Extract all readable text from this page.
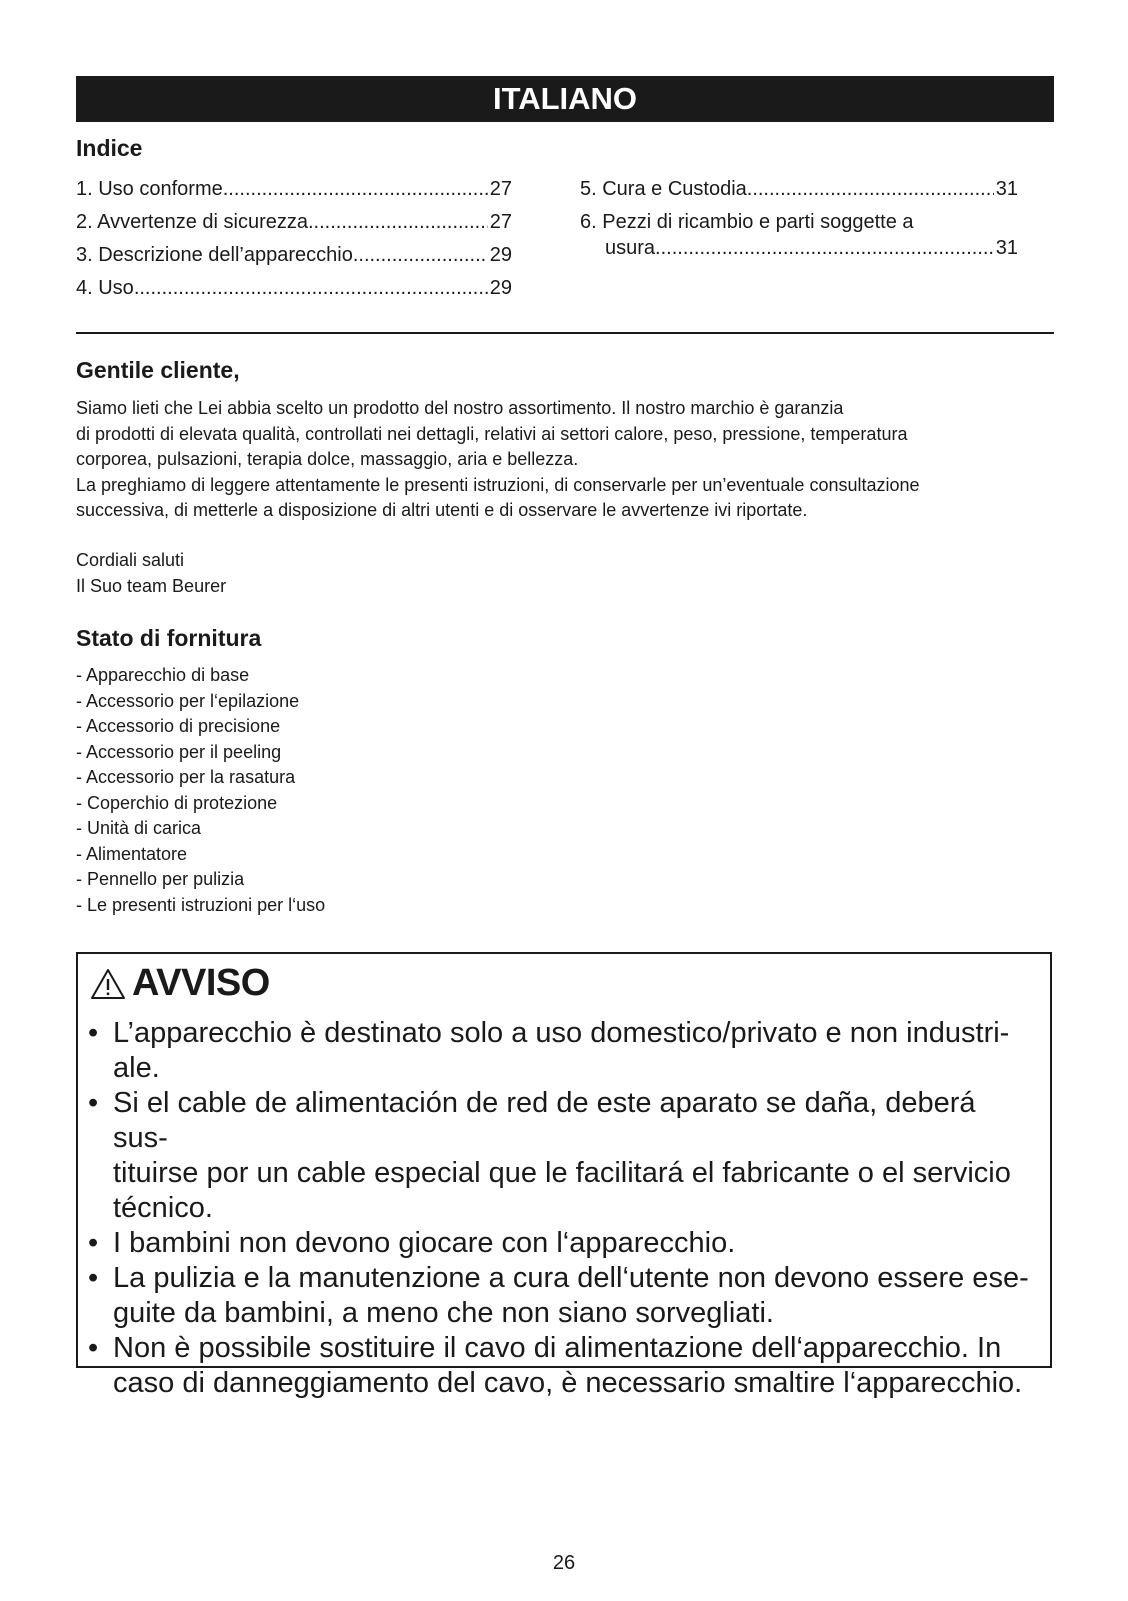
ITALIANO
Indice
1. Uso conforme .....	27
2. Avvertenze di sicurezza .....	27
3. Descrizione dell’apparecchio .....	29
4. Uso .....	29
5. Cura e Custodia .....	31
6. Pezzi di ricambio e parti soggette a
usura .....	31
Gentile cliente,

Siamo lieti che Lei abbia scelto un prodotto del nostro assortimento. Il nostro marchio è garanzia

di prodotti di elevata qualità, controllati nei dettagli, relativi ai settori calore, peso, pressione, temperatura

corporea, pulsazioni, terapia dolce, massaggio, aria e bellezza.

La preghiamo di leggere attentamente le presenti istruzioni, di conservarle per un’eventuale consultazione

successiva, di metterle a disposizione di altri utenti e di osservare le avvertenze ivi riportate.

Cordiali saluti

Il Suo team Beurer

Stato di fornitura
- Apparecchio di base
- Accessorio per l‘epilazione
- Accessorio di precisione
- Accessorio per il peeling
- Accessorio per la rasatura
- Coperchio di protezione
- Unità di carica
- Alimentatore
- Pennello per pulizia
- Le presenti istruzioni per l‘uso
AVVISO
• L’apparecchio è destinato solo a uso domestico/privato e non industri-
ale.
• Si el cable de alimentación de red de este aparato se daña, deberá sus-
tituirse por un cable especial que le facilitará el fabricante o el servicio
técnico.
• I bambini non devono giocare con l‘apparecchio.
• La pulizia e la manutenzione a cura dell‘utente non devono essere ese-
guite da bambini, a meno che non siano sorvegliati.
• Non è possibile sostituire il cavo di alimentazione dell‘apparecchio. In
caso di danneggiamento del cavo, è necessario smaltire l‘apparecchio.
26
